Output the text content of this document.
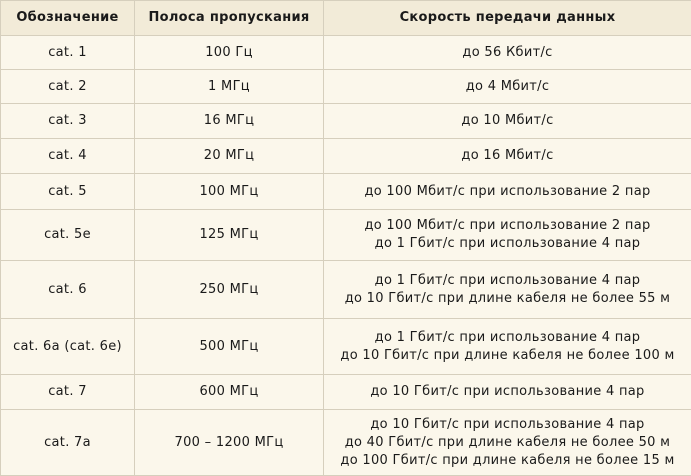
Обозначение	Полоса пропускания	Скорость передачи данных
cat. 1	100 Гц	до 56 Кбит/с

cat. 2	1 МГц	до 4 Мбит/с

cat. 3	16 МГц	до 10 Мбит/с

cat. 4	20 МГц	до 16 Мбит/с

cat. 5	100 МГц	до 100 Мбит/с при использование 2 пар

cat. 5e	125 МГц	до 100 Мбит/с при использование 2 пар
до 1 Гбит/с при использование 4 пар

cat. 6	250 МГц	до 1 Гбит/с при использование 4 пар
до 10 Гбит/с при длине кабеля не более 55 м

cat. 6a (cat. 6e)	500 МГц	до 1 Гбит/с при использование 4 пар
до 10 Гбит/с при длине кабеля не более 100 м

cat. 7	600 МГц	до 10 Гбит/с при использование 4 пар

cat. 7a	700 – 1200 МГц	до 10 Гбит/с при использование 4 пар
до 40 Гбит/с при длине кабеля не более 50 м
до 100 Гбит/с при длине кабеля не более 15 м
